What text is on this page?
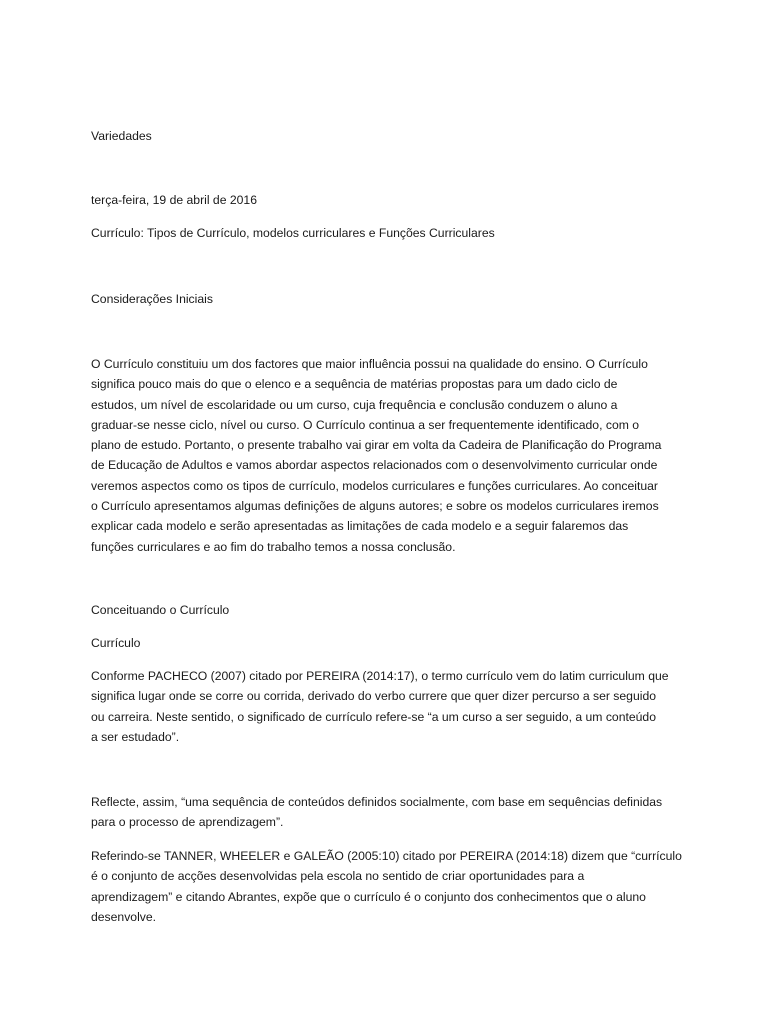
Variedades

terça-feira, 19 de abril de 2016

Currículo: Tipos de Currículo, modelos curriculares e Funções Curriculares

Considerações Iniciais

O Currículo constituiu um dos factores que maior influência possui na qualidade do ensino. O Currículo
significa pouco mais do que o elenco e a sequência de matérias propostas para um dado ciclo de
estudos, um nível de escolaridade ou um curso, cuja frequência e conclusão conduzem o aluno a
graduar-se nesse ciclo, nível ou curso. O Currículo continua a ser frequentemente identificado, com o
plano de estudo. Portanto, o presente trabalho vai girar em volta da Cadeira de Planificação do Programa
de Educação de Adultos e vamos abordar aspectos relacionados com o desenvolvimento curricular onde
veremos aspectos como os tipos de currículo, modelos curriculares e funções curriculares. Ao conceituar
o Currículo apresentamos algumas definições de alguns autores; e sobre os modelos curriculares iremos
explicar cada modelo e serão apresentadas as limitações de cada modelo e a seguir falaremos das
funções curriculares e ao fim do trabalho temos a nossa conclusão.

Conceituando o Currículo

Currículo

Conforme PACHECO (2007) citado por PEREIRA (2014:17), o termo currículo vem do latim curriculum que
significa lugar onde se corre ou corrida, derivado do verbo currere que quer dizer percurso a ser seguido
ou carreira. Neste sentido, o significado de currículo refere-se “a um curso a ser seguido, a um conteúdo
a ser estudado”.
Reflecte, assim, “uma sequência de conteúdos definidos socialmente, com base em sequências definidas
para o processo de aprendizagem”.
Referindo-se TANNER, WHEELER e GALEÃO (2005:10) citado por PEREIRA (2014:18) dizem que “currículo
é o conjunto de acções desenvolvidas pela escola no sentido de criar oportunidades para a
aprendizagem” e citando Abrantes, expõe que o currículo é o conjunto dos conhecimentos que o aluno
desenvolve.
